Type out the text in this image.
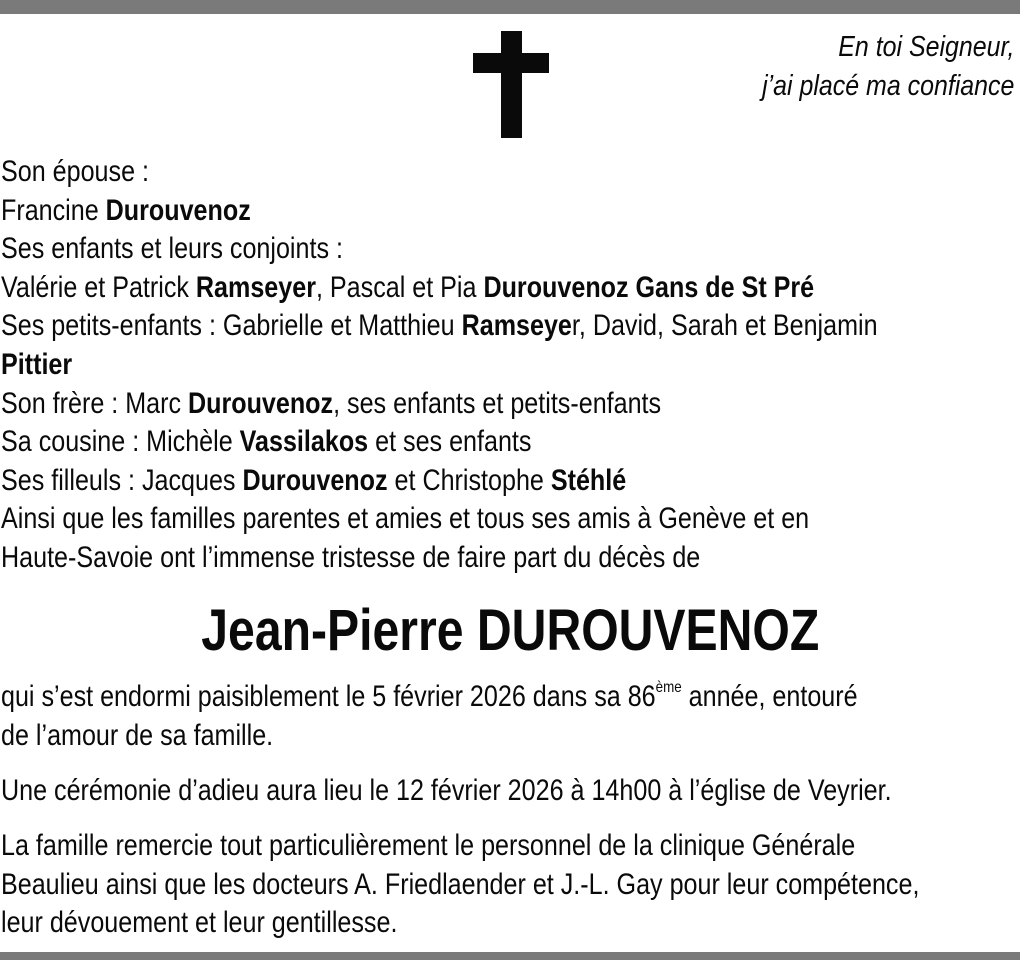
En toi Seigneur,
j’ai placé ma confiance
Son épouse :
Francine Durouvenoz
Ses enfants et leurs conjoints :
Valérie et Patrick Ramseyer, Pascal et Pia Durouvenoz Gans de St Pré
Ses petits-enfants : Gabrielle et Matthieu Ramseyer, David, Sarah et Benjamin
Pittier
Son frère : Marc Durouvenoz, ses enfants et petits-enfants
Sa cousine : Michèle Vassilakos et ses enfants
Ses filleuls : Jacques Durouvenoz et Christophe Stéhlé
Ainsi que les familles parentes et amies et tous ses amis à Genève et en
Haute-Savoie ont l’immense tristesse de faire part du décès de
Jean-Pierre DUROUVENOZ
qui s’est endormi paisiblement le 5 février 2026 dans sa 86ème année, entouré
de l’amour de sa famille.
Une cérémonie d’adieu aura lieu le 12 février 2026 à 14h00 à l’église de Veyrier.
La famille remercie tout particulièrement le personnel de la clinique Générale
Beaulieu ainsi que les docteurs A. Friedlaender et J.-L. Gay pour leur compétence,
leur dévouement et leur gentillesse.
